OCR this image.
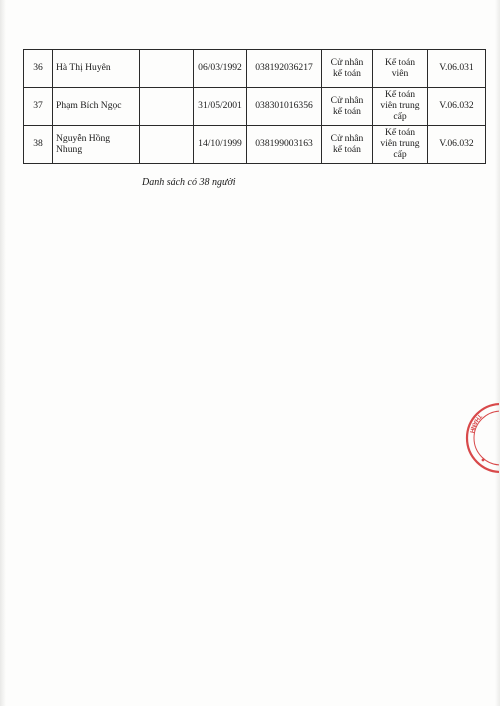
36	Hà Thị Huyên		06/03/1992	038192036217	Cử nhân kế toán	Kế toán viên	V.06.031
37	Phạm Bích Ngọc		31/05/2001	038301016356	Cử nhân kế toán	Kế toán viên trung cấp	V.06.032
38	Nguyễn Hồng Nhung		14/10/1999	038199003163	Cử nhân kế toán	Kế toán viên trung cấp	V.06.032
Danh sách có 38 người
THANH
